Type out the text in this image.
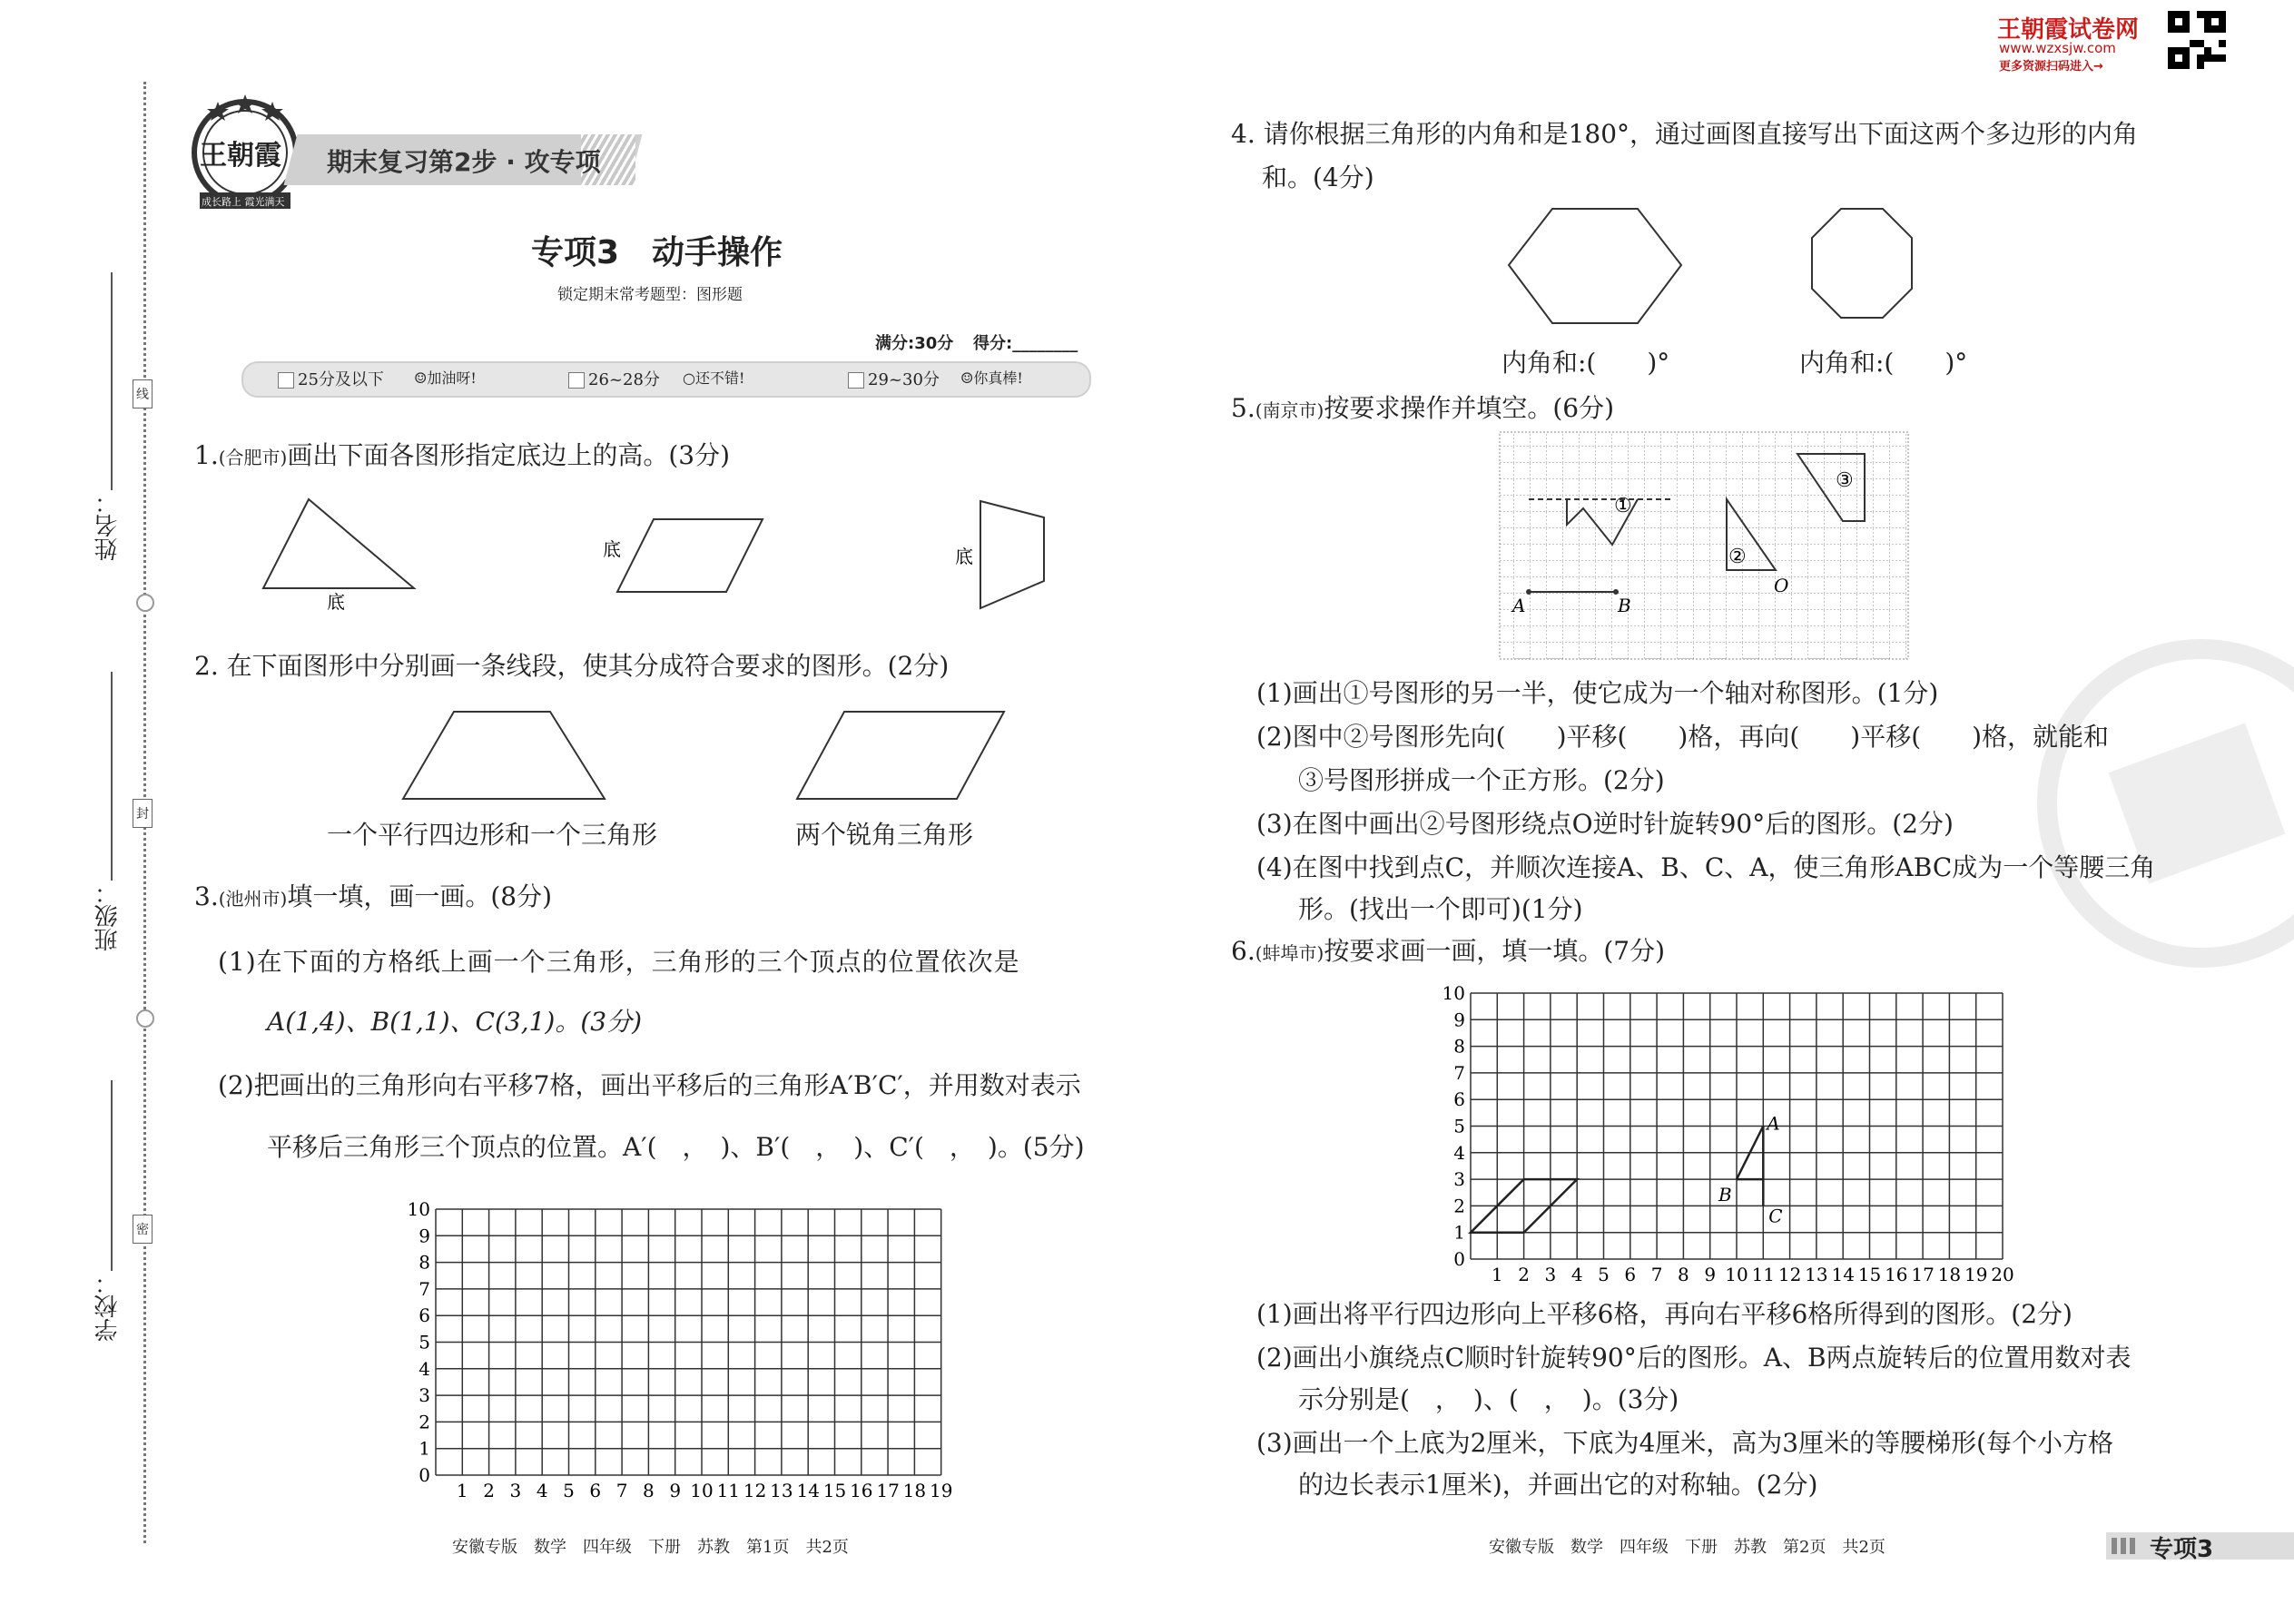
线
封
密
姓名：
班级：
学校：
王朝霞
成长路上 霞光满天
期末复习第2步 · 攻专项
专项3　动手操作
锁定期末常考题型：图形题
满分:30分 得分:________
25分及以下 ☺加油呀!	26~28分 ○还不错!	29~30分 ☺你真棒!
1.(合肥市)画出下面各图形指定底边上的高。(3分)
底
底	底
2. 在下面图形中分别画一条线段，使其分成符合要求的图形。(2分)
一个平行四边形和一个三角形	两个锐角三角形
3.(池州市)填一填，画一画。(8分)
(1)在下面的方格纸上画一个三角形，三角形的三个顶点的位置依次是
A(1,4)、B(1,1)、C(3,1)。(3分)
(2)把画出的三角形向右平移7格，画出平移后的三角形A′B′C′，并用数对表示
平移后三角形三个顶点的位置。A′(　，　)、B′(　，　)、C′(　，　)。(5分)
1 2 3 4 5 6 7 8 9 10 11 12 13 14 15 16 17 18 19
0
1
2
3
4
5
6
7
8
9
10
安徽专版　数学　四年级　下册　苏教　第1页　共2页	安徽专版　数学　四年级　下册　苏教　第2页　共2页	专项3
王朝霞试卷网
www.wzxsjw.com
更多资源扫码进入→
4. 请你根据三角形的内角和是180°，通过画图直接写出下面这两个多边形的内角
和。(4分)
内角和:(　　)°	内角和:(　　)°
5.(南京市)按要求操作并填空。(6分)
①
②
③
A	B
O
(1)画出①号图形的另一半，使它成为一个轴对称图形。(1分)
(2)图中②号图形先向(　　)平移(　　)格，再向(　　)平移(　　)格，就能和
③号图形拼成一个正方形。(2分)
(3)在图中画出②号图形绕点O逆时针旋转90°后的图形。(2分)
(4)在图中找到点C，并顺次连接A、B、C、A，使三角形ABC成为一个等腰三角
形。(找出一个即可)(1分)
6.(蚌埠市)按要求画一画，填一填。(7分)
1 2 3 4 5 6 7 8 9 10 11 12 13 14 15 16 17 18 19 20
0
1
2
3
4
5
6
7
8
9
10
A
B
C
(1)画出将平行四边形向上平移6格，再向右平移6格所得到的图形。(2分)
(2)画出小旗绕点C顺时针旋转90°后的图形。A、B两点旋转后的位置用数对表
示分别是(　，　)、(　，　)。(3分)
(3)画出一个上底为2厘米，下底为4厘米，高为3厘米的等腰梯形(每个小方格
的边长表示1厘米)，并画出它的对称轴。(2分)
